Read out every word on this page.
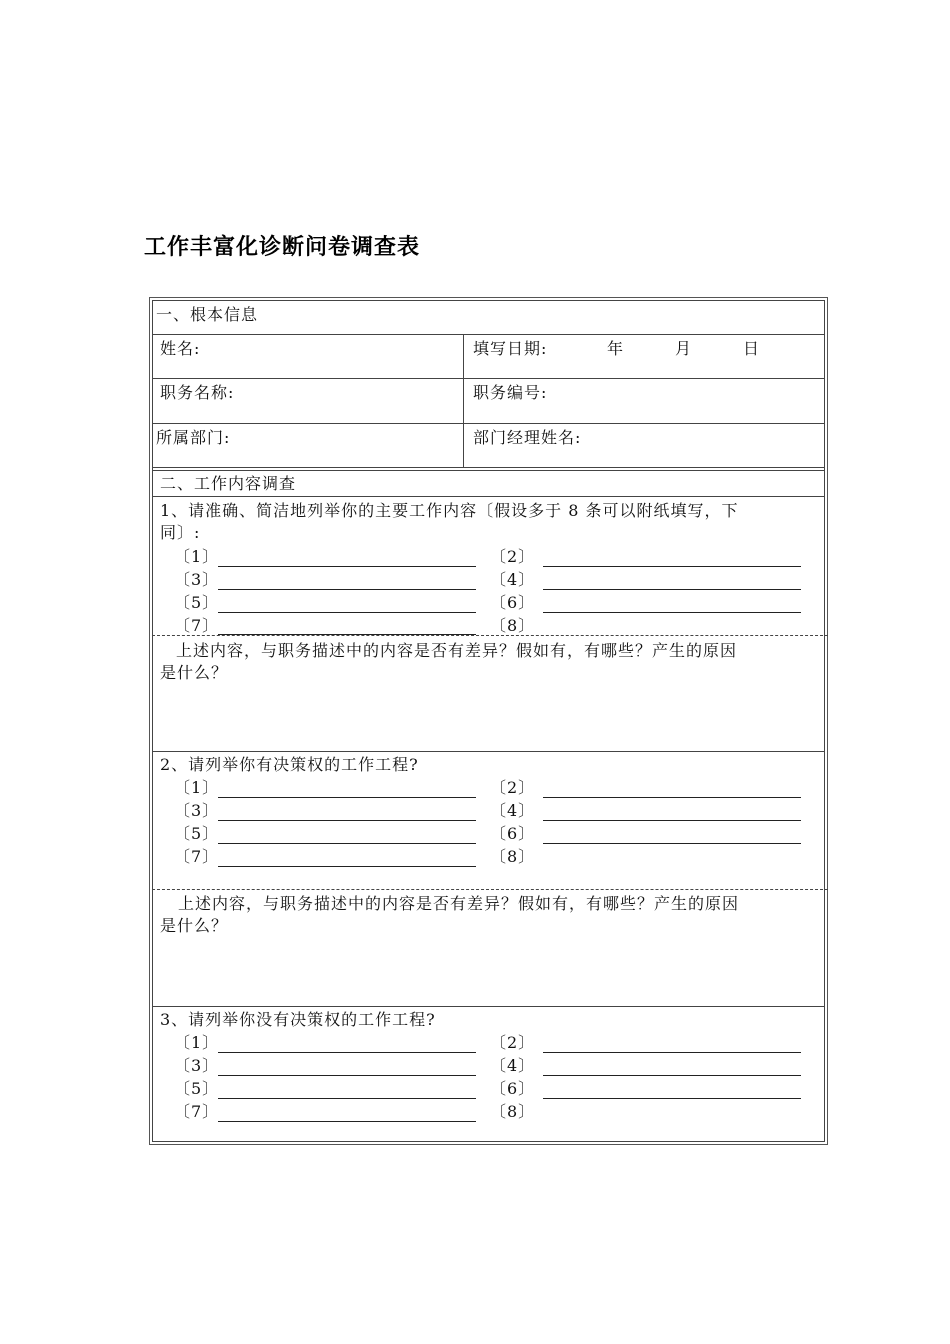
工作丰富化诊断问卷调查表
一、根本信息
姓名:	填写日期:	年	月	日
职务名称:	职务编号:
所属部门:	部门经理姓名:
二、工作内容调查
1、请准确、简洁地列举你的主要工作内容〔假设多于 8 条可以附纸填写，下
同〕:
〔1〕	〔2〕
〔3〕	〔4〕
〔5〕	〔6〕
〔7〕	〔8〕
上述内容，与职务描述中的内容是否有差异？假如有，有哪些？产生的原因
是什么？
2、请列举你有决策权的工作工程?
〔1〕	〔2〕
〔3〕	〔4〕
〔5〕	〔6〕
〔7〕	〔8〕
上述内容，与职务描述中的内容是否有差异？假如有，有哪些？产生的原因
是什么？
3、请列举你没有决策权的工作工程?
〔1〕	〔2〕
〔3〕	〔4〕
〔5〕	〔6〕
〔7〕	〔8〕
